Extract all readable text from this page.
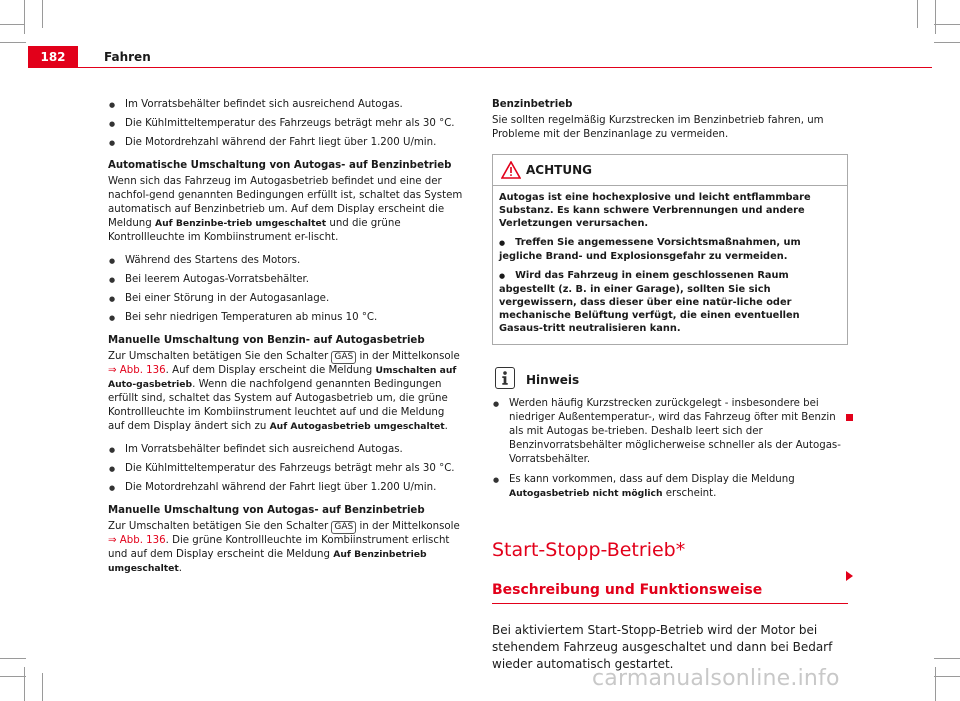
182	Fahren
● Im Vorratsbehälter befindet sich ausreichend Autogas.
● Die Kühlmitteltemperatur des Fahrzeugs beträgt mehr als 30 °C.
● Die Motordrehzahl während der Fahrt liegt über 1.200 U/min.
Automatische Umschaltung von Autogas- auf Benzinbetrieb

Wenn sich das Fahrzeug im Autogasbetrieb befindet und eine der nachfol-gend genannten Bedingungen erfüllt ist, schaltet das System automatisch auf Benzinbetrieb um. Auf dem Display erscheint die Meldung Auf Benzinbe-trieb umgeschaltet und die grüne Kontrollleuchte im Kombiinstrument er-lischt.

● Während des Startens des Motors.
● Bei leerem Autogas-Vorratsbehälter.
● Bei einer Störung in der Autogasanlage.
● Bei sehr niedrigen Temperaturen ab minus 10 °C.
Manuelle Umschaltung von Benzin- auf Autogasbetrieb

Zur Umschalten betätigen Sie den Schalter GAS in der Mittelkonsole ⇒ Abb. 136. Auf dem Display erscheint die Meldung Umschalten auf Auto-gasbetrieb. Wenn die nachfolgend genannten Bedingungen erfüllt sind, schaltet das System auf Autogasbetrieb um, die grüne Kontrollleuchte im Kombiinstrument leuchtet auf und die Meldung auf dem Display ändert sich zu Auf Autogasbetrieb umgeschaltet.

● Im Vorratsbehälter befindet sich ausreichend Autogas.
● Die Kühlmitteltemperatur des Fahrzeugs beträgt mehr als 30 °C.
● Die Motordrehzahl während der Fahrt liegt über 1.200 U/min.
Manuelle Umschaltung von Autogas- auf Benzinbetrieb

Zur Umschalten betätigen Sie den Schalter GAS in der Mittelkonsole ⇒ Abb. 136. Die grüne Kontrollleuchte im Kombiinstrument erlischt und auf dem Display erscheint die Meldung Auf Benzinbetrieb umgeschaltet.

Benzinbetrieb

Sie sollten regelmäßig Kurzstrecken im Benzinbetrieb fahren, um Probleme mit der Benzinanlage zu vermeiden.

ACHTUNG

Autogas ist eine hochexplosive und leicht entflammbare Substanz. Es kann schwere Verbrennungen und andere Verletzungen verursachen.

● Treffen Sie angemessene Vorsichtsmaßnahmen, um jegliche Brand- und Explosionsgefahr zu vermeiden.
● Wird das Fahrzeug in einem geschlossenen Raum abgestellt (z. B. in einer Garage), sollten Sie sich vergewissern, dass dieser über eine natür-liche oder mechanische Belüftung verfügt, die einen eventuellen Gasaus-tritt neutralisieren kann.
Hinweis
● Werden häufig Kurzstrecken zurückgelegt - insbesondere bei niedriger Außentemperatur-, wird das Fahrzeug öfter mit Benzin als mit Autogas be-trieben. Deshalb leert sich der Benzinvorratsbehälter möglicherweise schneller als der Autogas-Vorratsbehälter.
● Es kann vorkommen, dass auf dem Display die Meldung Autogasbetrieb nicht möglich erscheint.
Start-Stopp-Betrieb*
Beschreibung und Funktionsweise

Bei aktiviertem Start-Stopp-Betrieb wird der Motor bei stehendem Fahrzeug ausgeschaltet und dann bei Bedarf wieder automatisch gestartet.

carmanualsonline.info
